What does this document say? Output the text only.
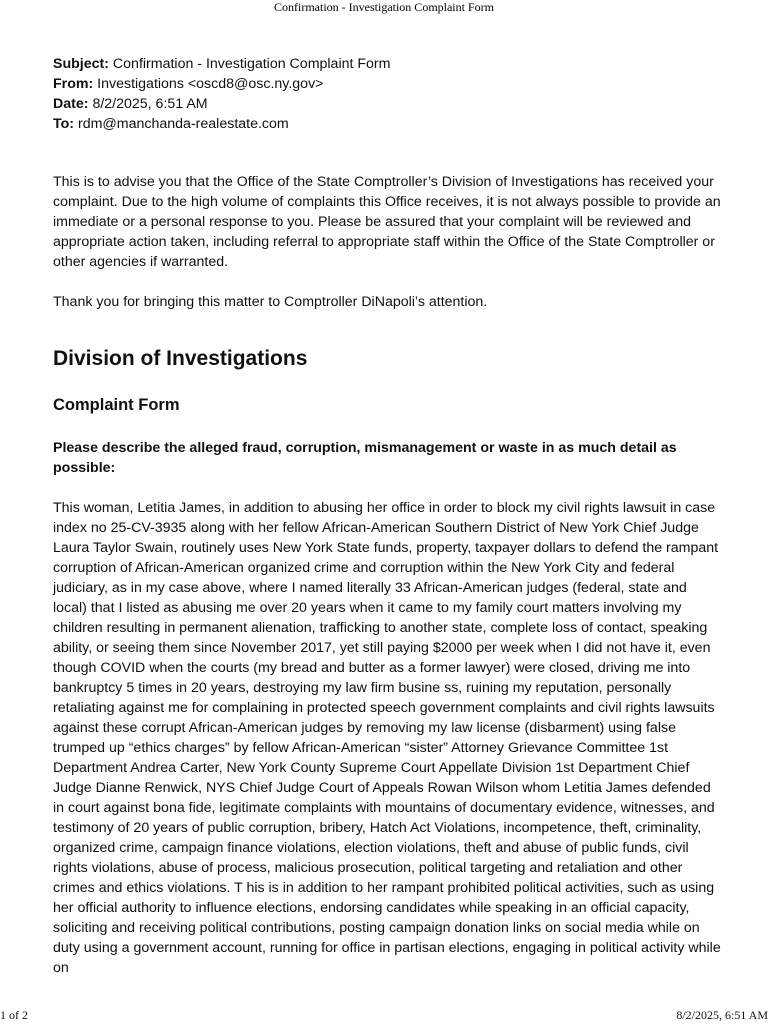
Confirmation - Investigation Complaint Form

Subject: Confirmation - Investigation Complaint Form

From: Investigations <oscd8@osc.ny.gov>

Date: 8/2/2025, 6:51 AM

To: rdm@manchanda-realestate.com

This is to advise you that the Office of the State Comptroller’s Division of Investigations has received your complaint. Due to the high volume of complaints this Office receives, it is not always possible to provide an immediate or a personal response to you. Please be assured that your complaint will be reviewed and appropriate action taken, including referral to appropriate staff within the Office of the State Comptroller or other agencies if warranted.

Thank you for bringing this matter to Comptroller DiNapoli’s attention.

Division of Investigations
Complaint Form

Please describe the alleged fraud, corruption, mismanagement or waste in as much detail as possible:

This woman, Letitia James, in addition to abusing her office in order to block my civil rights lawsuit in case index no 25-CV-3935 along with her fellow African-American Southern District of New York Chief Judge Laura Taylor Swain, routinely uses New York State funds, property, taxpayer dollars to defend the rampant corruption of African-American organized crime and corruption within the New York City and federal judiciary, as in my case above, where I named literally 33 African-American judges (federal, state and local) that I listed as abusing me over 20 years when it came to my family court matters involving my children resulting in permanent alienation, trafficking to another state, complete loss of contact, speaking ability, or seeing them since November 2017, yet still paying $2000 per week when I did not have it, even though COVID when the courts (my bread and butter as a former lawyer) were closed, driving me into bankruptcy 5 times in 20 years, destroying my law firm busine ss, ruining my reputation, personally retaliating against me for complaining in protected speech government complaints and civil rights lawsuits against these corrupt African-American judges by removing my law license (disbarment) using false trumped up “ethics charges” by fellow African-American “sister” Attorney Grievance Committee 1st Department Andrea Carter, New York County Supreme Court Appellate Division 1st Department Chief Judge Dianne Renwick, NYS Chief Judge Court of Appeals Rowan Wilson whom Letitia James defended in court against bona fide, legitimate complaints with mountains of documentary evidence, witnesses, and testimony of 20 years of public corruption, bribery, Hatch Act Violations, incompetence, theft, criminality, organized crime, campaign finance violations, election violations, theft and abuse of public funds, civil rights violations, abuse of process, malicious prosecution, political targeting and retaliation and other crimes and ethics violations. T his is in addition to her rampant prohibited political activities, such as using her official authority to influence elections, endorsing candidates while speaking in an official capacity, soliciting and receiving political contributions, posting campaign donation links on social media while on duty using a government account, running for office in partisan elections, engaging in political activity while on

1 of 2	8/2/2025, 6:51 AM
